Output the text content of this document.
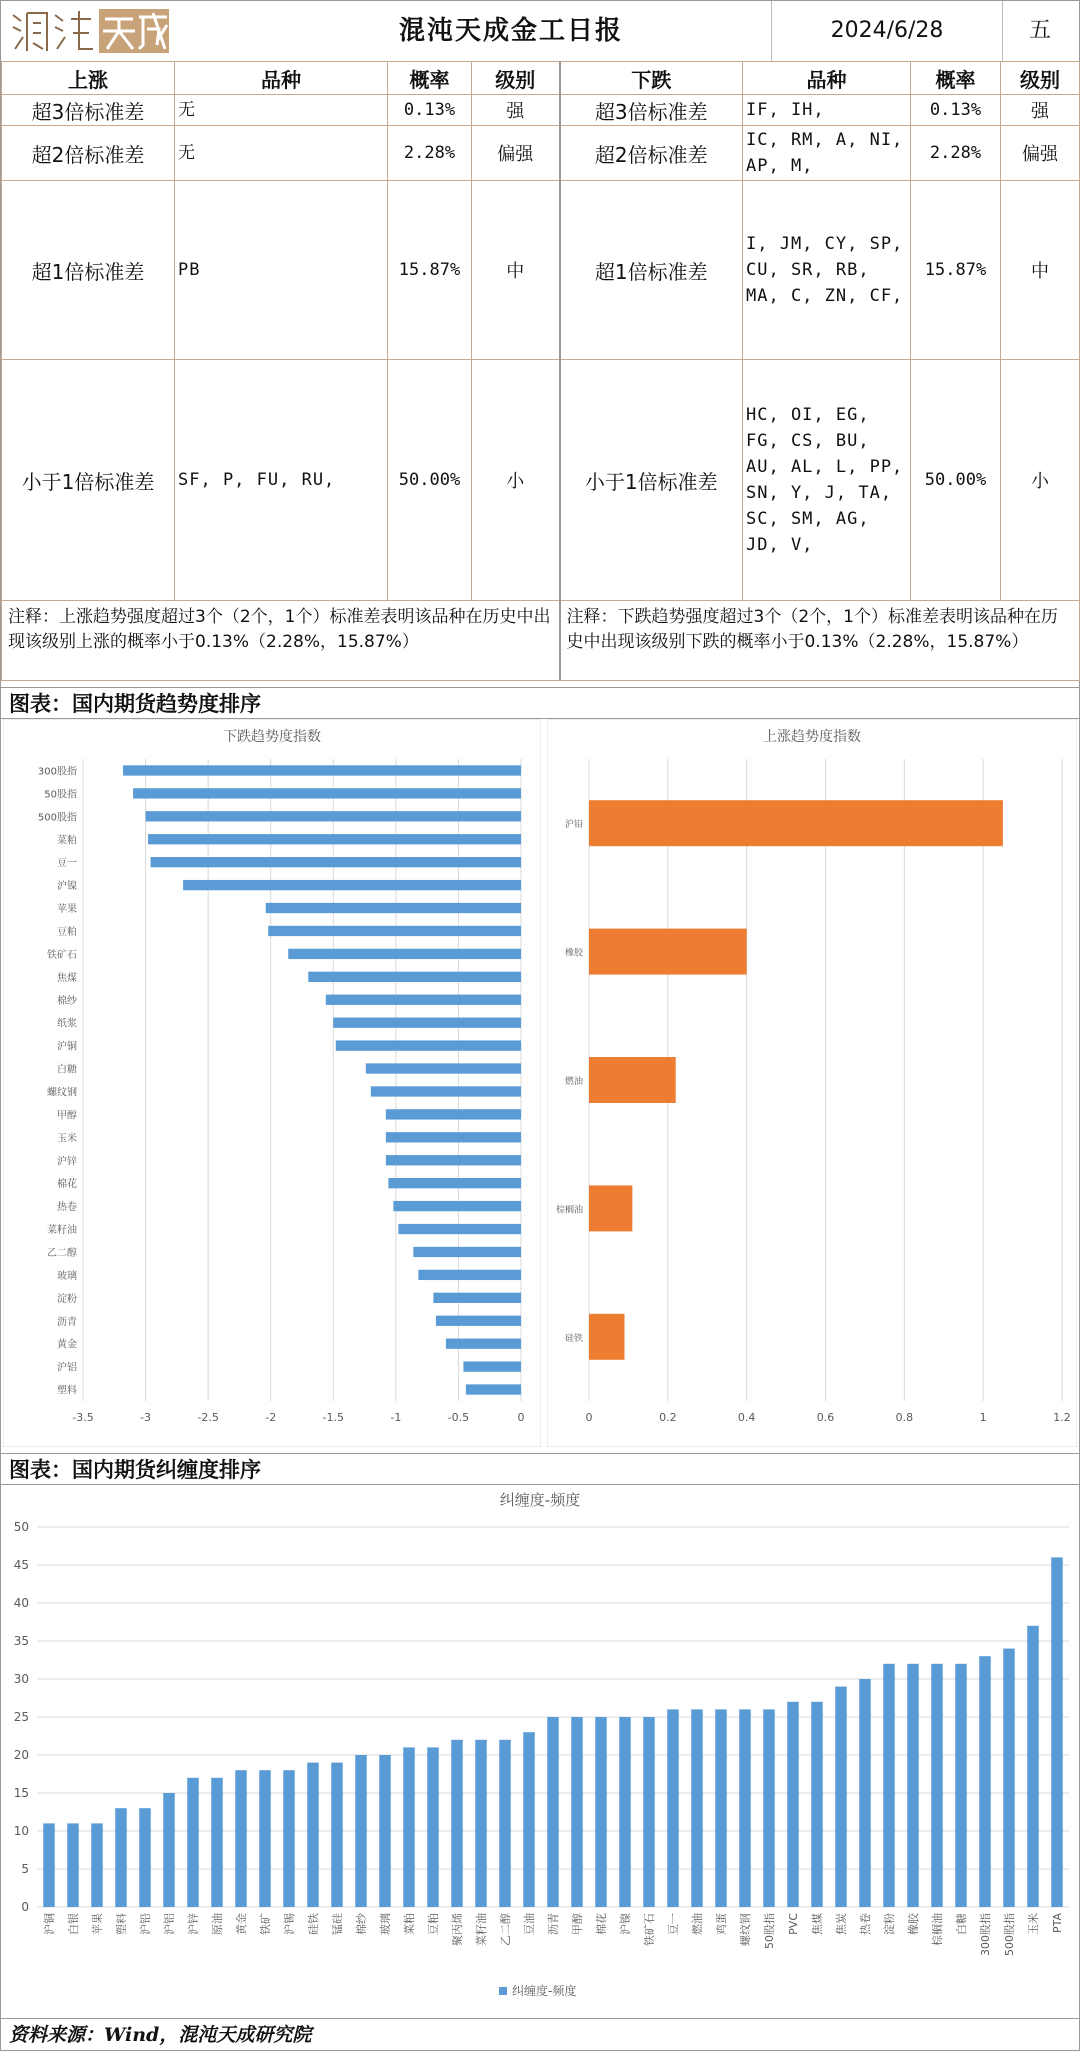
混沌天成金工日报	2024/6/28	五
上涨	品种	概率	级别	下跌	品种	概率	级别
超3倍标准差	无	0.13%	强	超3倍标准差	IF, IH,	0.13%	强
超2倍标准差	无	2.28%	偏强	超2倍标准差	IC, RM, A, NI, AP, M,	2.28%	偏强
超1倍标准差	PB	15.87%	中	超1倍标准差	I, JM, CY, SP, CU, SR, RB, MA, C, ZN, CF,	15.87%	中
小于1倍标准差	SF, P, FU, RU,	50.00%	小	小于1倍标准差	HC, OI, EG, FG, CS, BU, AU, AL, L, PP, SN, Y, J, TA, SC, SM, AG, JD, V,	50.00%	小
注释：上涨趋势强度超过3个（2个，1个）标准差表明该品种在历史中出现该级别上涨的概率小于0.13%（2.28%，15.87%）				注释：下跌趋势强度超过3个（2个，1个）标准差表明该品种在历史中出现该级别下跌的概率小于0.13%（2.28%，15.87%）			
图表：国内期货趋势度排序
下跌趋势度指数
-3.5	-3	-2.5	-2	-1.5	-1	-0.5	0
300股指
50股指
500股指
菜粕
豆一
沪镍
苹果
豆粕
铁矿石
焦煤
棉纱
纸浆
沪铜
白糖
螺纹钢
甲醇
玉米
沪锌
棉花
热卷
菜籽油
乙二醇
玻璃
淀粉
沥青
黄金
沪铝
塑料
上涨趋势度指数
0	0.2	0.4	0.6	0.8	1	1.2
沪铅
橡胶
燃油
棕榈油
硅铁
图表：国内期货纠缠度排序
纠缠度-频度
0
5
10
15
20
25
30
35
40
45
50
沪铜 白银 苹果 塑料 沪铅 沪铝 沪锌 原油 黄金 铁矿 沪锡 硅铁 锰硅 棉纱 玻璃 菜粕 豆粕 聚丙烯 菜籽油 乙二醇 豆油 沥青 甲醇 棉花 沪镍 铁矿石 豆一 燃油 鸡蛋 螺纹钢 50股指 PVC 焦煤 焦炭 热卷 淀粉 橡胶 棕榈油 白糖 300股指 500股指 玉米 PTA
纠缠度-频度
资料来源：Wind，混沌天成研究院
